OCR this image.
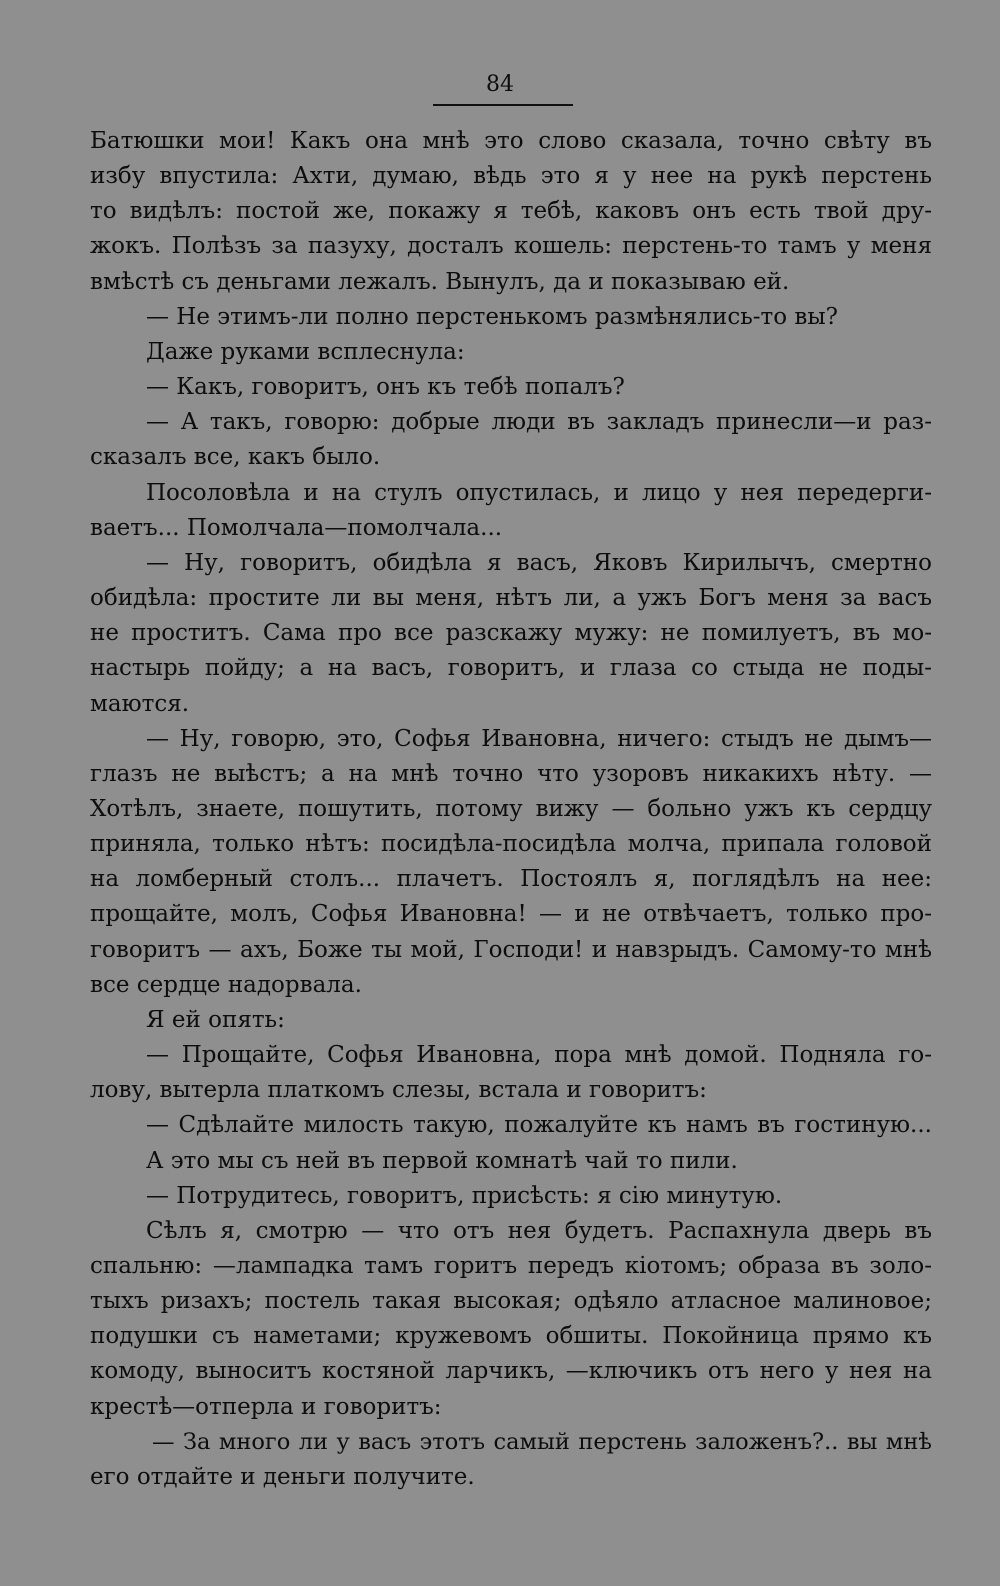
84
Батюшки мои! Какъ она мнѣ это слово сказала, точно свѣту въ
избу впустила: Ахти, думаю, вѣдь это я у нее на рукѣ перстень
то видѣлъ: постой же, покажу я тебѣ, каковъ онъ есть твой дру-
жокъ. Полѣзъ за пазуху, досталъ кошель: перстень-то тамъ у меня
вмѣстѣ съ деньгами лежалъ. Вынулъ, да и показываю ей.
— Не этимъ-ли полно перстенькомъ размѣнялись-то вы?
Даже руками всплеснула:
— Какъ, говоритъ, онъ къ тебѣ попалъ?
— А такъ, говорю: добрые люди въ закладъ принесли—и раз-
сказалъ все, какъ было.
Посоловѣла и на стулъ опустилась, и лицо у нея передерги-
ваетъ... Помолчала—помолчала...
— Ну, говоритъ, обидѣла я васъ, Яковъ Кирилычъ, смертно
обидѣла: простите ли вы меня, нѣтъ ли, а ужъ Богъ меня за васъ
не проститъ. Сама про все разскажу мужу: не помилуетъ, въ мо-
настырь пойду; а на васъ, говоритъ, и глаза со стыда не поды-
маются.
— Ну, говорю, это, Софья Ивановна, ничего: стыдъ не дымъ—
глазъ не выѣстъ; а на мнѣ точно что узоровъ никакихъ нѣту. —
Хотѣлъ, знаете, пошутить, потому вижу — больно ужъ къ сердцу
приняла, только нѣтъ: посидѣла-посидѣла молча, припала головой
на ломберный столъ... плачетъ. Постоялъ я, поглядѣлъ на нее:
прощайте, молъ, Софья Ивановна! — и не отвѣчаетъ, только про-
говоритъ — ахъ, Боже ты мой, Господи! и навзрыдъ. Самому-то мнѣ
все сердце надорвала.
Я ей опять:
— Прощайте, Софья Ивановна, пора мнѣ домой. Подняла го-
лову, вытерла платкомъ слезы, встала и говоритъ:
— Сдѣлайте милость такую, пожалуйте къ намъ въ гостиную...
А это мы съ ней въ первой комнатѣ чай то пили.
— Потрудитесь, говоритъ, присѣсть: я сію минутую.
Сѣлъ я, смотрю — что отъ нея будетъ. Распахнула дверь въ
спальню: —лампадка тамъ горитъ передъ кіотомъ; образа въ золо-
тыхъ ризахъ; постель такая высокая; одѣяло атласное малиновое;
подушки съ наметами; кружевомъ обшиты. Покойница прямо къ
комоду, выноситъ костяной ларчикъ, —ключикъ отъ него у нея на
крестѣ—отперла и говоритъ:
— За много ли у васъ этотъ самый перстень заложенъ?.. вы мнѣ
его отдайте и деньги получите.
